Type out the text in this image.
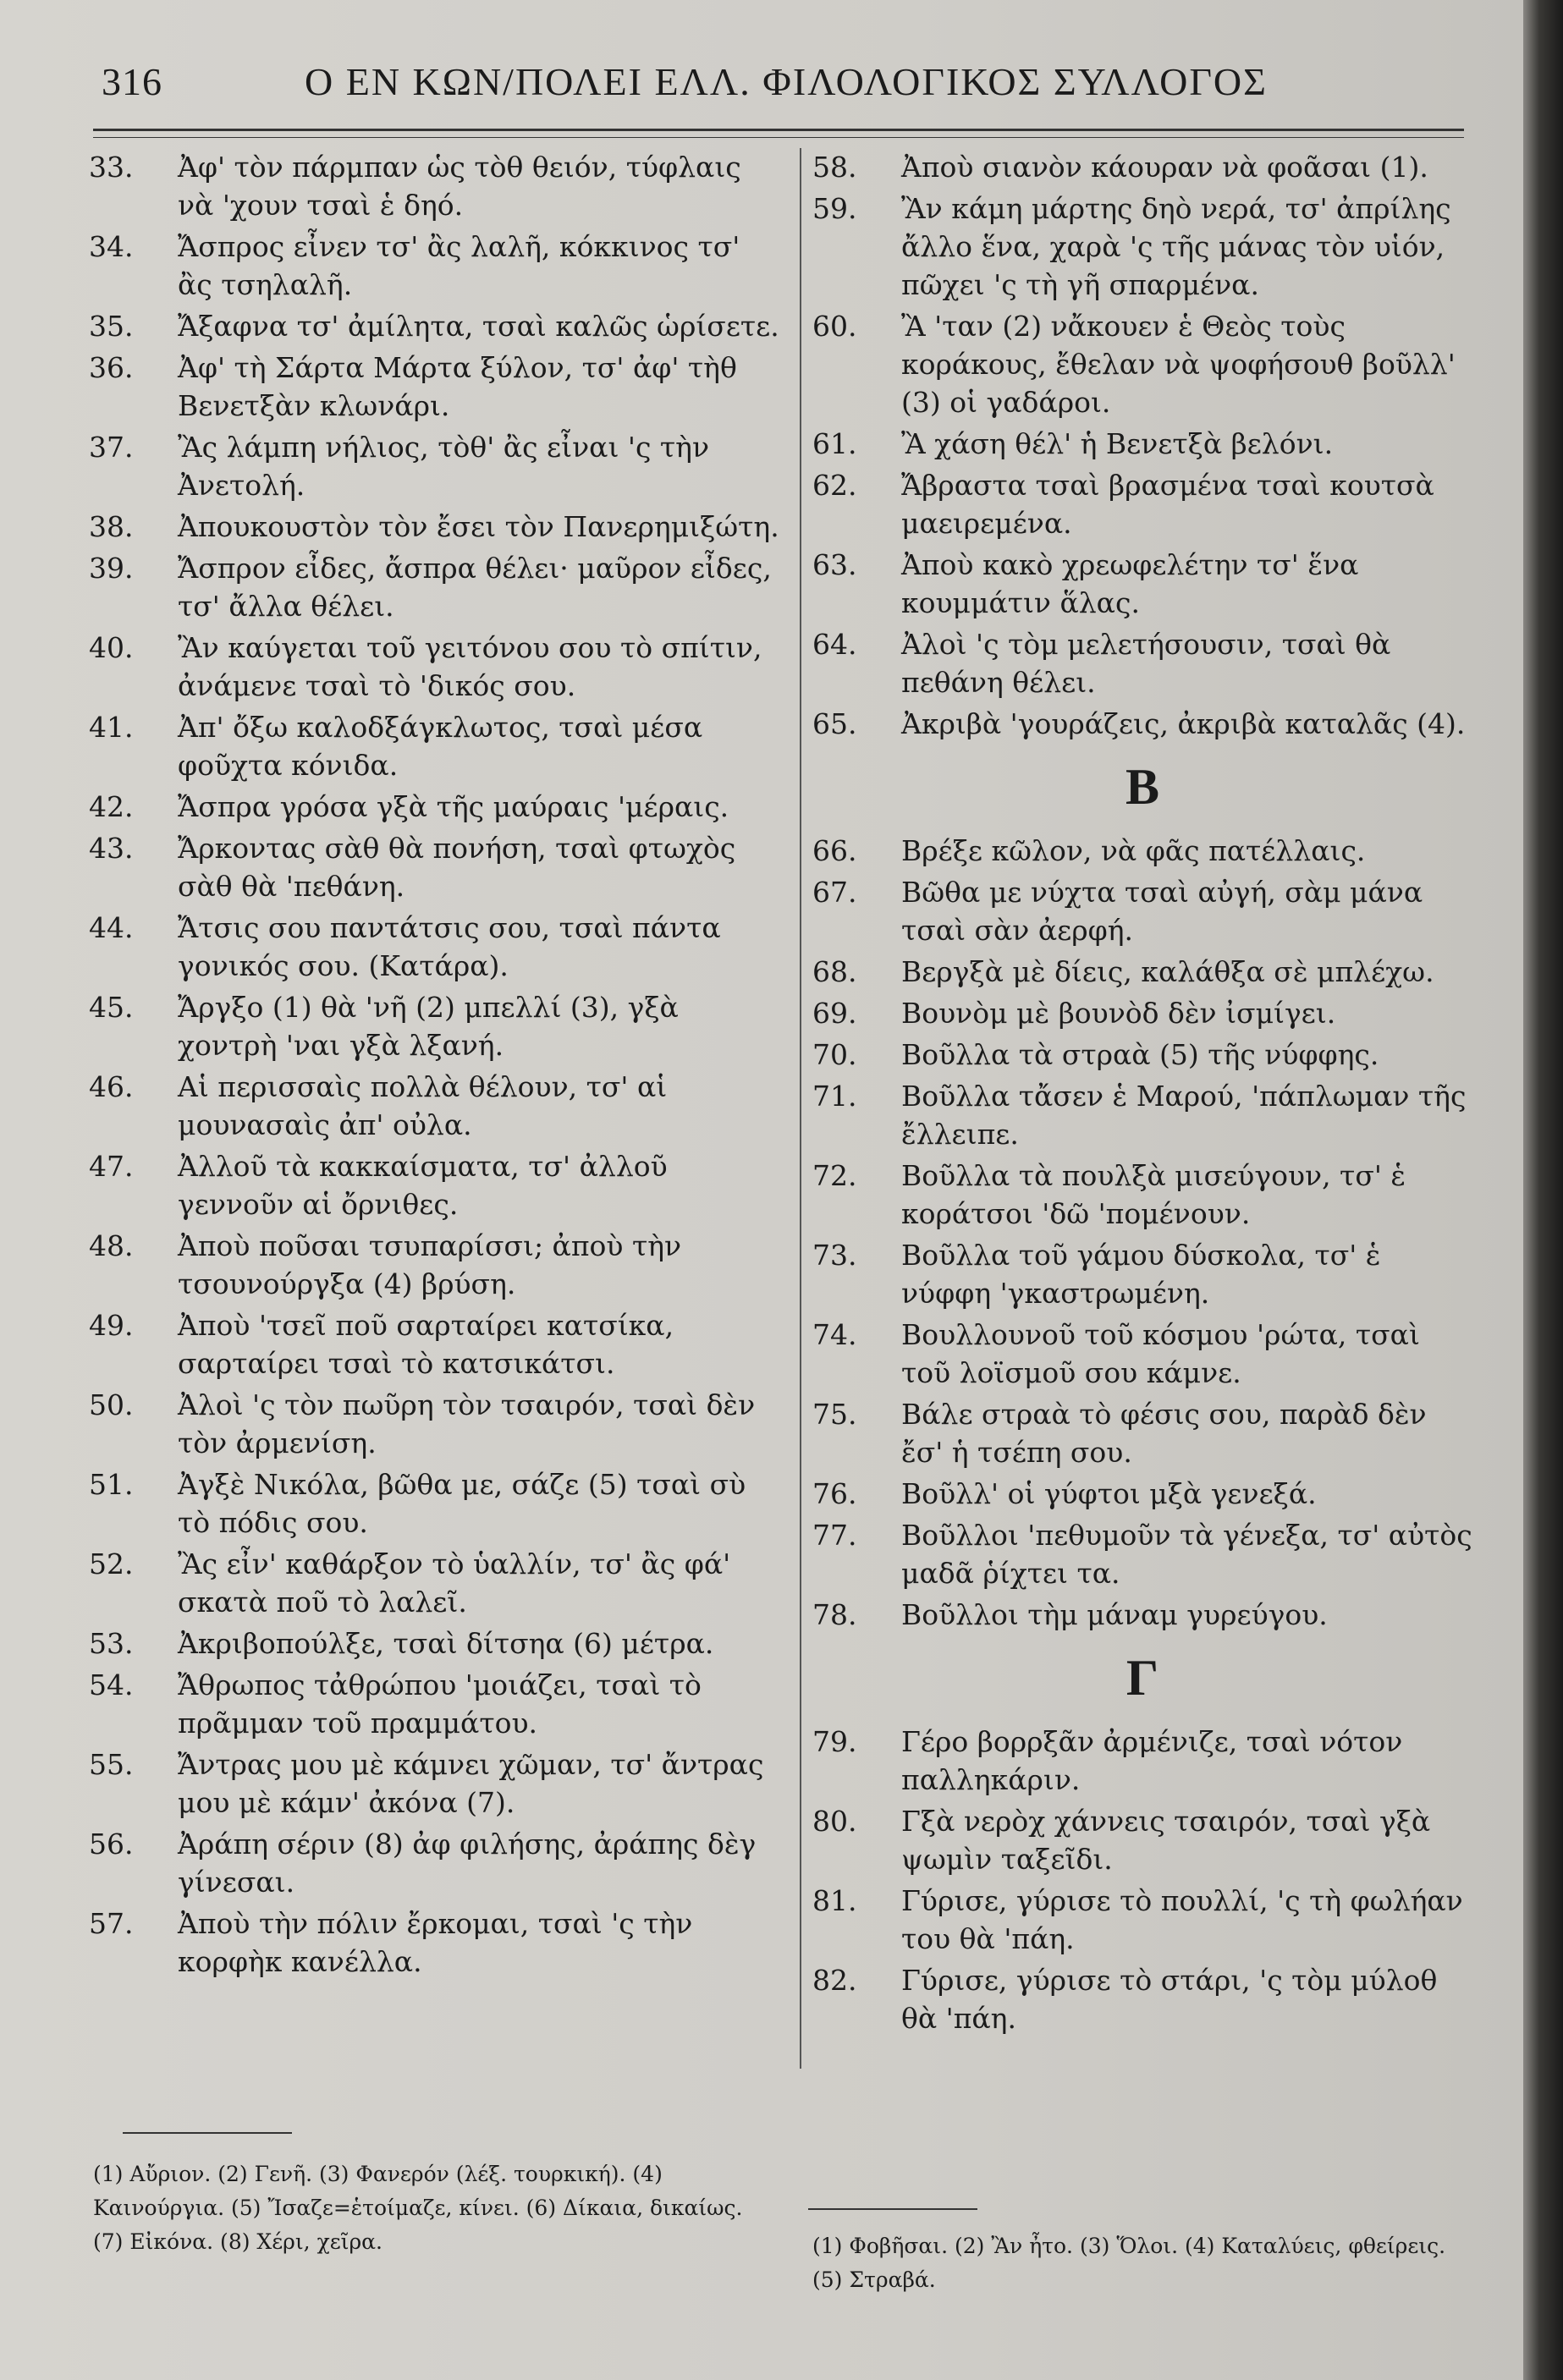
316	Ο ΕΝ ΚΩΝ/ΠΟΛΕΙ ΕΛΛ. ΦΙΛΟΛΟΓΙΚΟΣ ΣΥΛΛΟΓΟΣ
33. Ἀφ' τὸν πάρμπαν ὡς τὸθ θειόν, τύφλαις νὰ 'χουν τσαὶ ἑ δηό.
34. Ἄσπρος εἶνεν τσ' ἂς λαλῆ, κόκκινος τσ' ἂς τσηλαλῆ.
35. Ἄξαφνα τσ' ἀμίλητα, τσαὶ καλῶς ὡρίσετε.
36. Ἀφ' τὴ Σάρτα Μάρτα ξύλον, τσ' ἀφ' τὴθ Βενετξὰν κλωνάρι.
37. Ἂς λάμπη νήλιος, τὸθ' ἂς εἶναι 'ς τὴν Ἀνετολή.
38. Ἀπουκουστὸν τὸν ἔσει τὸν Πανερημιξώτη.
39. Ἄσπρον εἶδες, ἄσπρα θέλει· μαῦρον εἶδες, τσ' ἄλλα θέλει.
40. Ἂν καύγεται τοῦ γειτόνου σου τὸ σπίτιν, ἀνάμενε τσαὶ τὸ 'δικός σου.
41. Ἀπ' ὄξω καλοδξάγκλωτος, τσαὶ μέσα φοῦχτα κόνιδα.
42. Ἄσπρα γρόσα γξὰ τῆς μαύραις 'μέραις.
43. Ἄρκοντας σὰθ θὰ πονήση, τσαὶ φτωχὸς σὰθ θὰ 'πεθάνη.
44. Ἄτσις σου παντάτσις σου, τσαὶ πάντα γονικός σου. (Κατάρα).
45. Ἄργξο (1) θὰ 'νῆ (2) μπελλί (3), γξὰ χοντρὴ 'ναι γξὰ λξανή.
46. Αἱ περισσαὶς πολλὰ θέλουν, τσ' αἱ μουνασαὶς ἀπ' οὐλα.
47. Ἀλλοῦ τὰ κακκαίσματα, τσ' ἀλλοῦ γεννοῦν αἱ ὄρνιθες.
48. Ἀποὺ ποῦσαι τσυπαρίσσι; ἀποὺ τὴν τσουνούργξα (4) βρύση.
49. Ἀποὺ 'τσεῖ ποῦ σαρταίρει κατσίκα, σαρταίρει τσαὶ τὸ κατσικάτσι.
50. Ἀλοὶ 'ς τὸν πωῦρη τὸν τσαιρόν, τσαὶ δὲν τὸν ἀρμενίση.
51. Ἀγξὲ Νικόλα, βῶθα με, σάζε (5) τσαὶ σὺ τὸ πόδις σου.
52. Ἂς εἶν' καθάρξον τὸ ὑαλλίν, τσ' ἂς φά' σκατὰ ποῦ τὸ λαλεῖ.
53. Ἀκριβοπούλξε, τσαὶ δίτσηα (6) μέτρα.
54. Ἄθρωπος τἀθρώπου 'μοιάζει, τσαὶ τὸ πρᾶμμαν τοῦ πραμμάτου.
55. Ἄντρας μου μὲ κάμνει χῶμαν, τσ' ἄντρας μου μὲ κάμν' ἀκόνα (7).
56. Ἀράπη σέριν (8) ἀφ φιλήσης, ἀράπης δὲγ γίνεσαι.
57. Ἀποὺ τὴν πόλιν ἔρκομαι, τσαὶ 'ς τὴν κορφὴκ κανέλλα.
58. Ἀποὺ σιανὸν κάουραν νὰ φοᾶσαι (1).
59. Ἂν κάμη μάρτης δηὸ νερά, τσ' ἀπρίλης ἄλλο ἕνα, χαρὰ 'ς τῆς μάνας τὸν υἱόν, πῶχει 'ς τὴ γῆ σπαρμένα.
60. Ἂ 'ταν (2) νἄκουεν ἑ Θεὸς τοὺς κοράκους, ἔθελαν νὰ ψοφήσουθ βοῦλλ' (3) οἱ γαδάροι.
61. Ἂ χάση θέλ' ἡ Βενετξὰ βελόνι.
62. Ἄβραστα τσαὶ βρασμένα τσαὶ κουτσὰ μαειρεμένα.
63. Ἀποὺ κακὸ χρεωφελέτην τσ' ἕνα κουμμάτιν ἅλας.
64. Ἀλοὶ 'ς τὸμ μελετήσουσιν, τσαὶ θὰ πεθάνη θέλει.
65. Ἀκριβὰ 'γουράζεις, ἀκριβὰ καταλᾶς (4).
Β
66. Βρέξε κῶλον, νὰ φᾶς πατέλλαις.
67. Βῶθα με νύχτα τσαὶ αὐγή, σὰμ μάνα τσαὶ σὰν ἀερφή.
68. Βεργξὰ μὲ δίεις, καλάθξα σὲ μπλέχω.
69. Βουνὸμ μὲ βουνὸδ δὲν ἰσμίγει.
70. Βοῦλλα τὰ στραὰ (5) τῆς νύφφης.
71. Βοῦλλα τἄσεν ἑ Μαρού, 'πάπλωμαν τῆς ἔλλειπε.
72. Βοῦλλα τὰ πουλξὰ μισεύγουν, τσ' ἑ κοράτσοι 'δῶ 'πομένουν.
73. Βοῦλλα τοῦ γάμου δύσκολα, τσ' ἑ νύφφη 'γκαστρωμένη.
74. Βουλλουνοῦ τοῦ κόσμου 'ρώτα, τσαὶ τοῦ λοϊσμοῦ σου κάμνε.
75. Βάλε στραὰ τὸ φέσις σου, παρὰδ δὲν ἔσ' ἡ τσέπη σου.
76. Βοῦλλ' οἱ γύφτοι μξὰ γενεξά.
77. Βοῦλλοι 'πεθυμοῦν τὰ γένεξα, τσ' αὐτὸς μαδᾶ ῥίχτει τα.
78. Βοῦλλοι τὴμ μάναμ γυρεύγου.
Γ
79. Γέρο βορρξᾶν ἀρμένιζε, τσαὶ νότον παλληκάριν.
80. Γξὰ νερὸχ χάννεις τσαιρόν, τσαὶ γξὰ ψωμὶν ταξεῖδι.
81. Γύρισε, γύρισε τὸ πουλλί, 'ς τὴ φωλήαν του θὰ 'πάη.
82. Γύρισε, γύρισε τὸ στάρι, 'ς τὸμ μύλοθ θὰ 'πάη.
(1) Αὔριον. (2) Γενῆ. (3) Φανερόν (λέξ. τουρκική). (4) Καινούργια. (5) Ἴσαζε=ἑτοίμαζε, κίνει. (6) Δίκαια, δικαίως. (7) Εἰκόνα. (8) Χέρι, χεῖρα.	(1) Φοβῆσαι. (2) Ἂν ἦτο. (3) Ὅλοι. (4) Καταλύεις, φθείρεις. (5) Στραβά.
